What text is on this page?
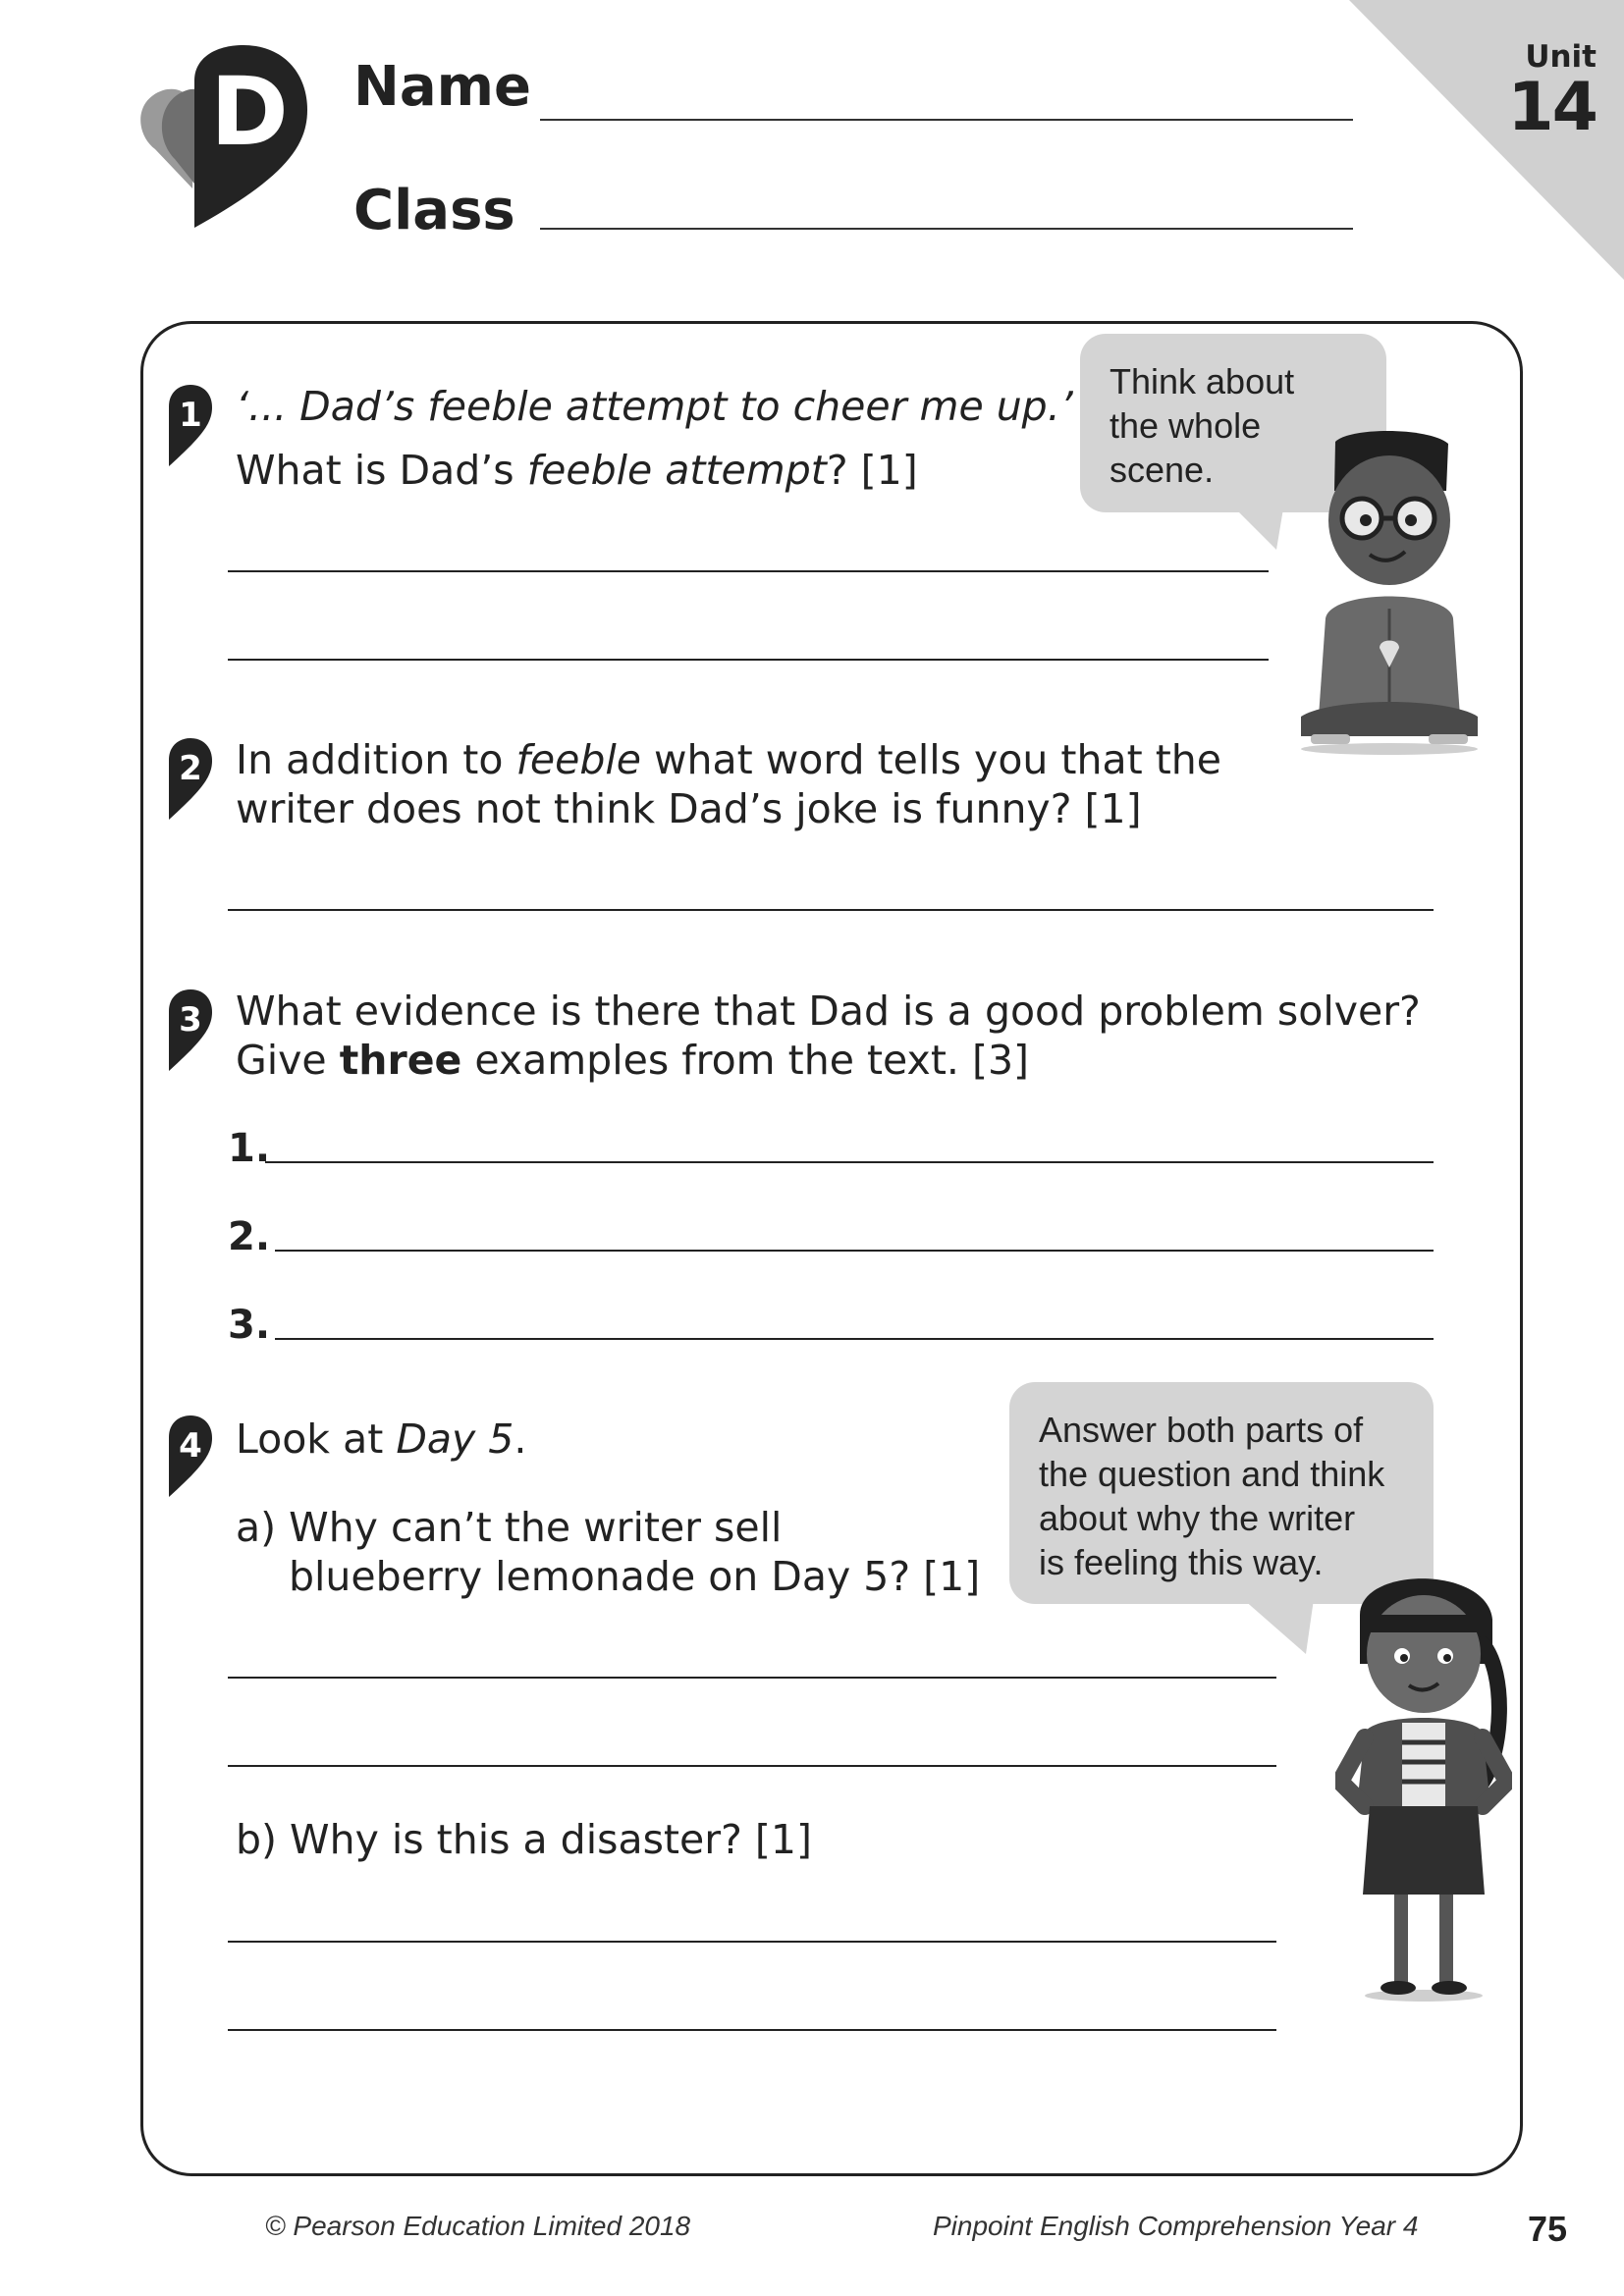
D Name
Class
Unit
14
1 ‘... Dad’s feeble attempt to cheer me up.’
What is Dad’s feeble attempt? [1]
Think about
the whole
scene.
2 In addition to feeble what word tells you that the
writer does not think Dad’s joke is funny? [1]
3 What evidence is there that Dad is a good problem solver?
Give three examples from the text. [3]
1.
2.
3.
4 Look at Day 5.
a) Why can’t the writer sell
blueberry lemonade on Day 5? [1]
b) Why is this a disaster? [1]
Answer both parts of
the question and think
about why the writer
is feeling this way.
© Pearson Education Limited 2018	Pinpoint English Comprehension Year 4	75
